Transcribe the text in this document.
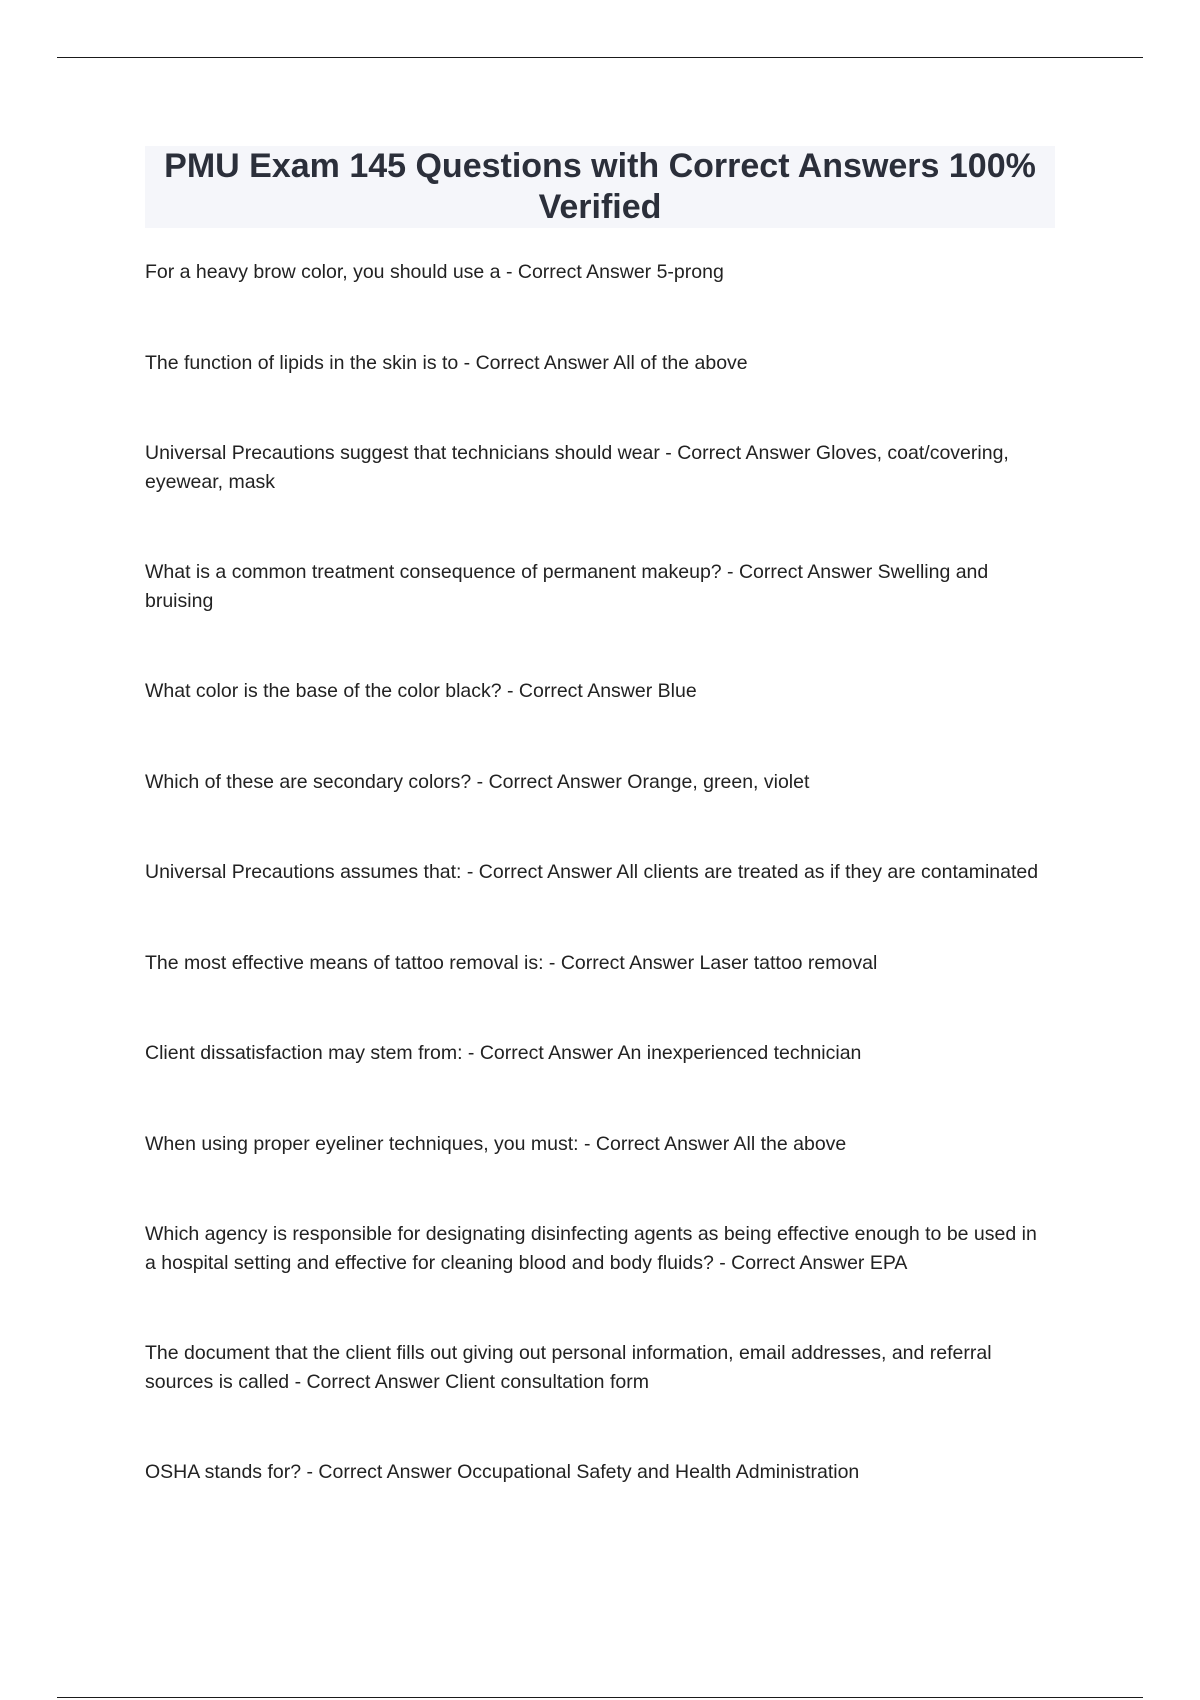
PMU Exam 145 Questions with Correct Answers 100% Verified
For a heavy brow color, you should use a - Correct Answer 5-prong
The function of lipids in the skin is to - Correct Answer All of the above
Universal Precautions suggest that technicians should wear - Correct Answer Gloves, coat/covering, eyewear, mask
What is a common treatment consequence of permanent makeup? - Correct Answer Swelling and bruising
What color is the base of the color black? - Correct Answer Blue
Which of these are secondary colors? - Correct Answer Orange, green, violet
Universal Precautions assumes that: - Correct Answer All clients are treated as if they are contaminated
The most effective means of tattoo removal is: - Correct Answer Laser tattoo removal
Client dissatisfaction may stem from: - Correct Answer An inexperienced technician
When using proper eyeliner techniques, you must: - Correct Answer All the above
Which agency is responsible for designating disinfecting agents as being effective enough to be used in a hospital setting and effective for cleaning blood and body fluids? - Correct Answer EPA
The document that the client fills out giving out personal information, email addresses, and referral sources is called - Correct Answer Client consultation form
OSHA stands for? - Correct Answer Occupational Safety and Health Administration
